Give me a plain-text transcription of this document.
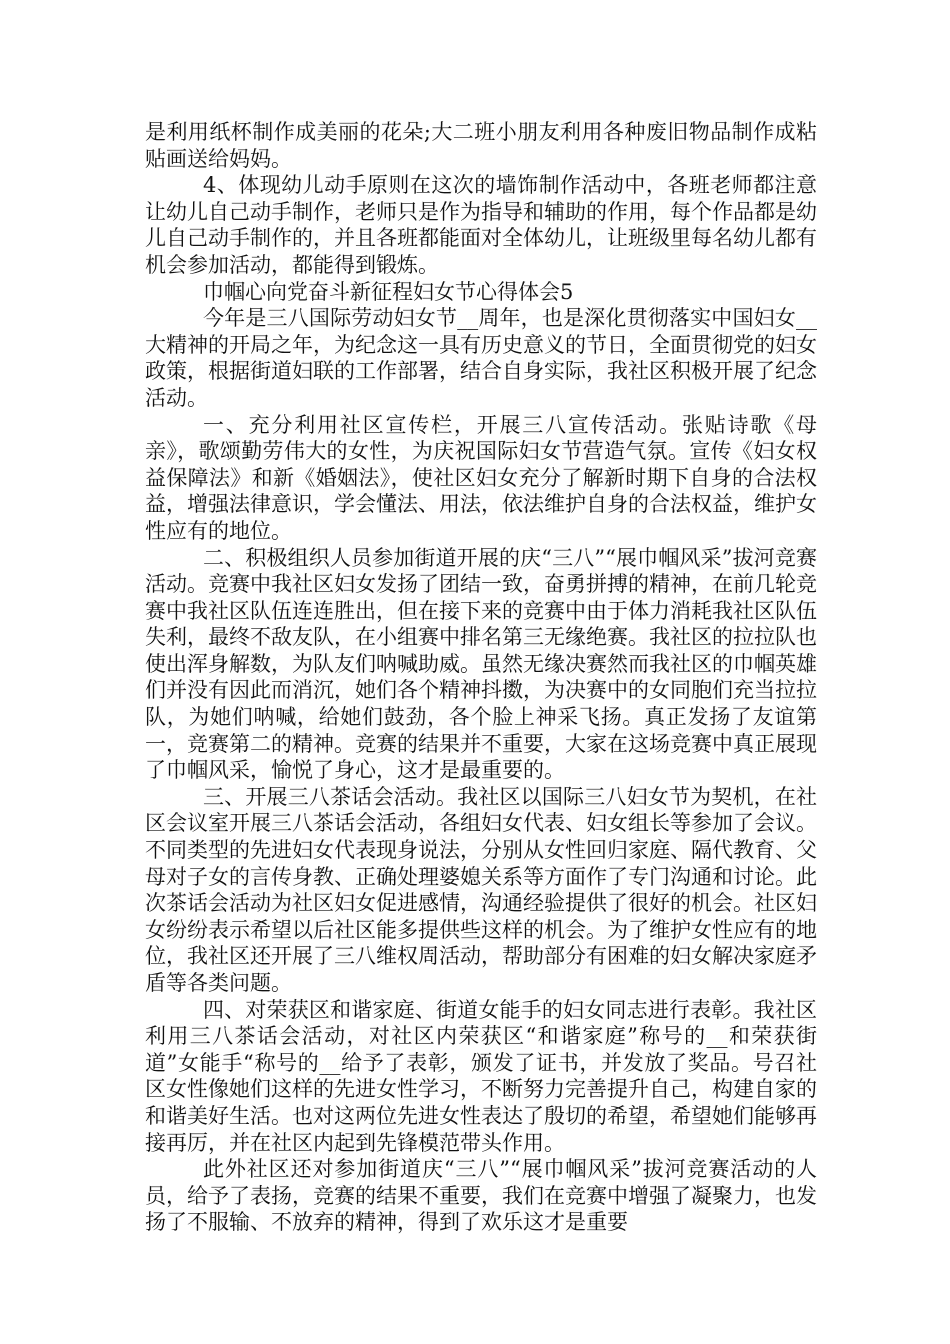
是利用纸杯制作成美丽的花朵;大二班小朋友利用各种废旧物品制作成粘贴画送给妈妈。

4、体现幼儿动手原则在这次的墙饰制作活动中，各班老师都注意让幼儿自己动手制作，老师只是作为指导和辅助的作用，每个作品都是幼儿自己动手制作的，并且各班都能面对全体幼儿，让班级里每名幼儿都有机会参加活动，都能得到锻炼。

巾帼心向党奋斗新征程妇女节心得体会5

今年是三八国际劳动妇女节__周年，也是深化贯彻落实中国妇女__大精神的开局之年，为纪念这一具有历史意义的节日，全面贯彻党的妇女政策，根据街道妇联的工作部署，结合自身实际，我社区积极开展了纪念活动。

一、充分利用社区宣传栏，开展三八宣传活动。张贴诗歌《母亲》，歌颂勤劳伟大的女性，为庆祝国际妇女节营造气氛。宣传《妇女权益保障法》和新《婚姻法》，使社区妇女充分了解新时期下自身的合法权益，增强法律意识，学会懂法、用法，依法维护自身的合法权益，维护女性应有的地位。

二、积极组织人员参加街道开展的庆“三八”“展巾帼风采”拔河竞赛活动。竞赛中我社区妇女发扬了团结一致，奋勇拼搏的精神，在前几轮竞赛中我社区队伍连连胜出，但在接下来的竞赛中由于体力消耗我社区队伍失利，最终不敌友队，在小组赛中排名第三无缘绝赛。我社区的拉拉队也使出浑身解数，为队友们呐喊助威。虽然无缘决赛然而我社区的巾帼英雄们并没有因此而消沉，她们各个精神抖擞，为决赛中的女同胞们充当拉拉队，为她们呐喊，给她们鼓劲，各个脸上神采飞扬。真正发扬了友谊第一，竞赛第二的精神。竞赛的结果并不重要，大家在这场竞赛中真正展现了巾帼风采，愉悦了身心，这才是最重要的。

三、开展三八茶话会活动。我社区以国际三八妇女节为契机，在社区会议室开展三八茶话会活动，各组妇女代表、妇女组长等参加了会议。不同类型的先进妇女代表现身说法，分别从女性回归家庭、隔代教育、父母对子女的言传身教、正确处理婆媳关系等方面作了专门沟通和讨论。此次茶话会活动为社区妇女促进感情，沟通经验提供了很好的机会。社区妇女纷纷表示希望以后社区能多提供些这样的机会。为了维护女性应有的地位，我社区还开展了三八维权周活动，帮助部分有困难的妇女解决家庭矛盾等各类问题。

四、对荣获区和谐家庭、街道女能手的妇女同志进行表彰。我社区利用三八茶话会活动，对社区内荣获区“和谐家庭”称号的__和荣获街道”女能手“称号的__给予了表彰，颁发了证书，并发放了奖品。号召社区女性像她们这样的先进女性学习，不断努力完善提升自己，构建自家的和谐美好生活。也对这两位先进女性表达了殷切的希望，希望她们能够再接再厉，并在社区内起到先锋模范带头作用。

此外社区还对参加街道庆“三八”“展巾帼风采”拔河竞赛活动的人员，给予了表扬，竞赛的结果不重要，我们在竞赛中增强了凝聚力，也发扬了不服输、不放弃的精神，得到了欢乐这才是重要
